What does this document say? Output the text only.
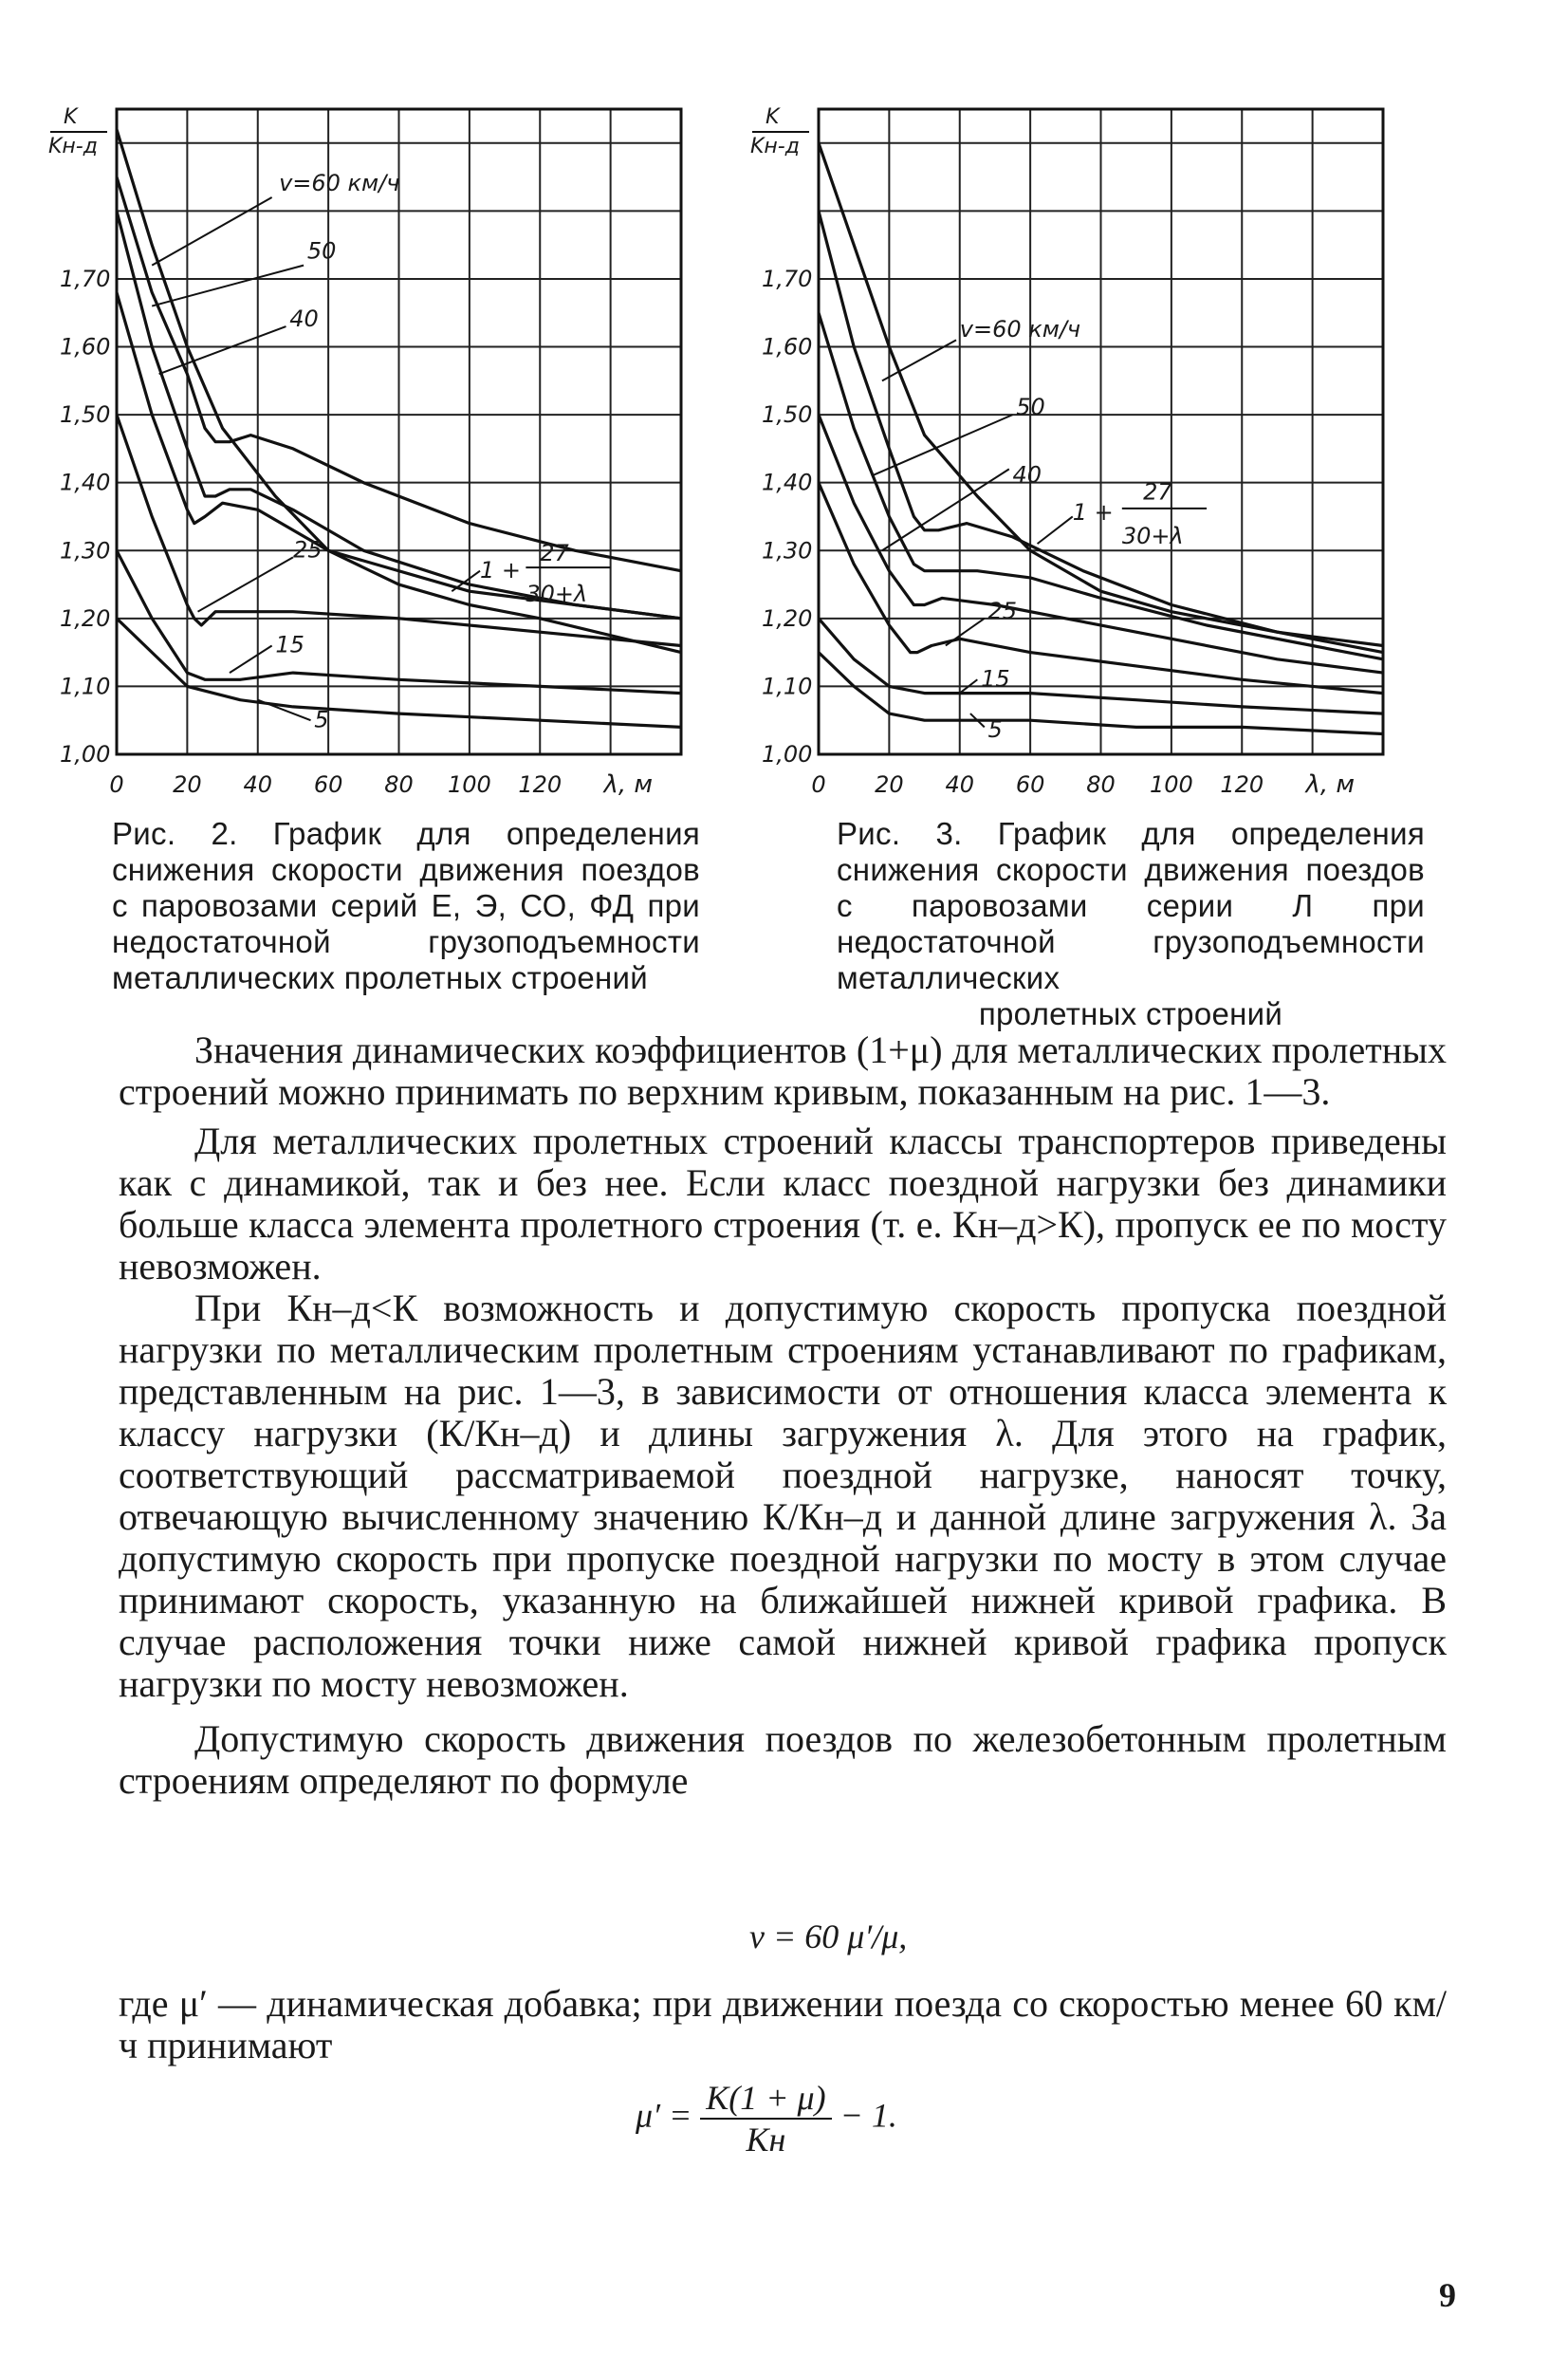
K
Kн-д
1,00
1,10
1,20
1,30
1,40
1,50
1,60
1,70
0 20 40 60 80 100 120 λ, м
v=60 км/ч
50
40
25
15
5
1 +
27
30+λ
K
Kн-д
1,00
1,10
1,20
1,30
1,40
1,50
1,60
1,70
0 20 40 60 80 100 120 λ, м
v=60 км/ч
50
40
25
15
5
1 +
27
30+λ
Рис. 2. График для определения снижения скорости движения поездов с паровозами серий Е, Э, СО, ФД при недостаточной грузоподъемности металлических пролетных строений
Рис. 3. График для определения снижения скорости движения поездов с паровозами серии Л при недостаточной грузоподъемности металлических
пролетных строений

Значения динамических коэффициентов (1+μ) для металлических пролетных строений можно принимать по верхним кривым, показанным на рис. 1—3.

Для металлических пролетных строений классы транспортеров приведены как с динамикой, так и без нее. Если класс поездной нагрузки без динамики больше класса элемента пролетного строения (т. е. Кн–д>К), пропуск ее по мосту невозможен.

При Кн–д<К возможность и допустимую скорость пропуска поездной нагрузки по металлическим пролетным строениям устанавливают по графикам, представленным на рис. 1—3, в зависимости от отношения класса элемента к классу нагрузки (К/Кн–д) и длины загружения λ. Для этого на график, соответствующий рассматриваемой поездной нагрузке, наносят точку, отвечающую вычисленному значению К/Кн–д и данной длине загружения λ. За допустимую скорость при пропуске поездной нагрузки по мосту в этом случае принимают скорость, указанную на ближайшей нижней кривой графика. В случае расположения точки ниже самой нижней кривой графика пропуск нагрузки по мосту невозможен.

Допустимую скорость движения поездов по железобетонным пролетным строениям определяют по формуле

v = 60 μ′/μ,

где μ′ — динамическая добавка; при движении поезда со скоростью менее 60 км/ч принимают

$\mu' = \frac{K(1 + \mu)}{Kн} - 1$.
9
